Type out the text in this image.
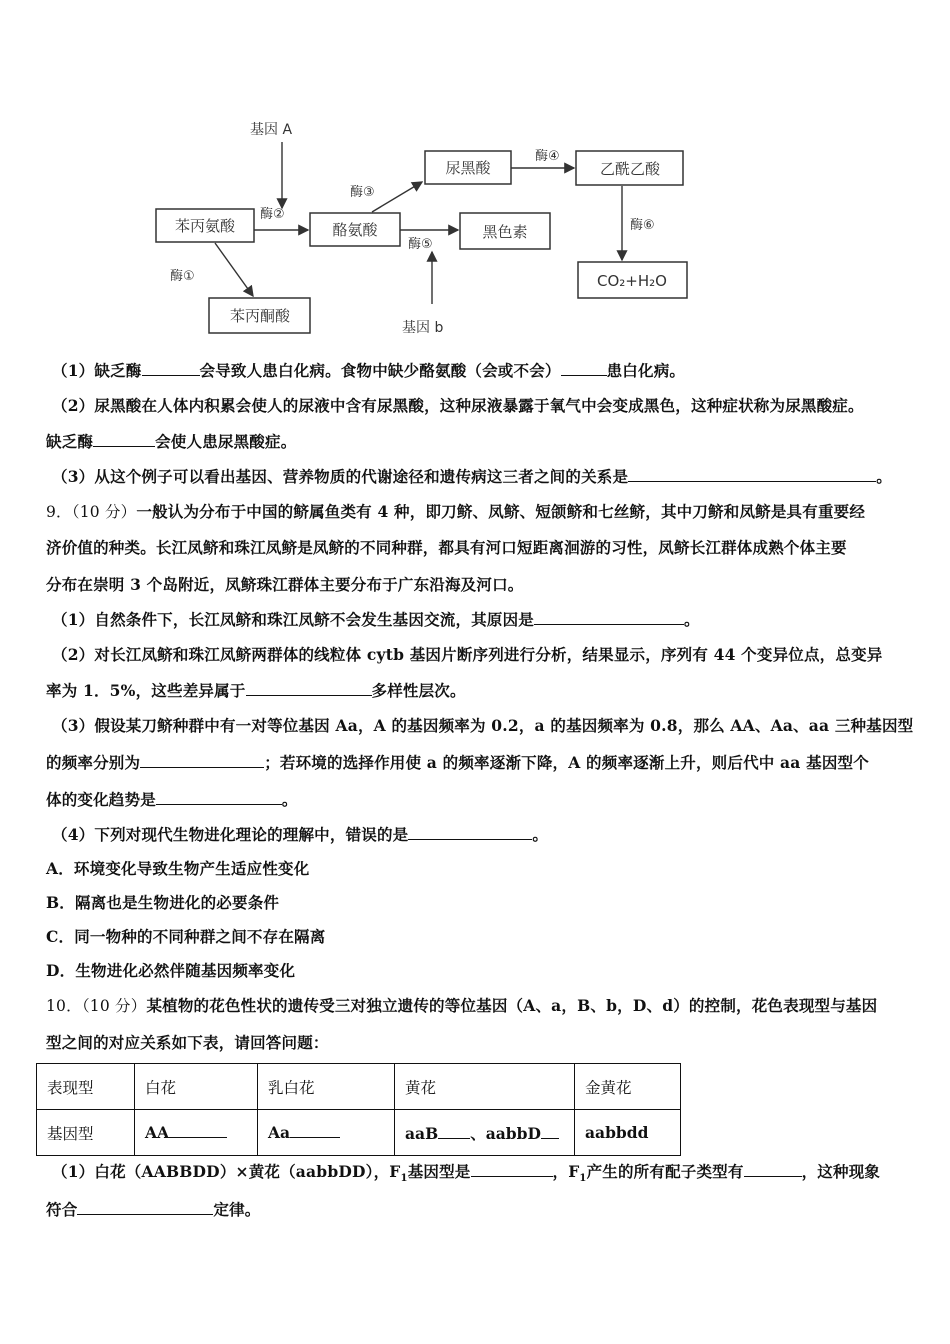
苯丙氨酸	酪氨酸
苯丙酮酸
尿黑酸
黑色素
乙酰乙酸
CO₂+H₂O
基因 A
基因 b
酶①
酶②
酶③
酶④
酶⑤
酶⑥
（1）缺乏酶	会导致人患白化病。食物中缺少酪氨酸（会或不会）	患白化病。
（2）尿黑酸在人体内积累会使人的尿液中含有尿黑酸，这种尿液暴露于氧气中会变成黑色，这种症状称为尿黑酸症。
缺乏酶	会使人患尿黑酸症。
（3）从这个例子可以看出基因、营养物质的代谢途径和遗传病这三者之间的关系是	。
9．（10 分）一般认为分布于中国的鲚属鱼类有 4 种，即刀鲚、凤鲚、短颌鲚和七丝鲚，其中刀鲚和凤鲚是具有重要经
济价值的种类。长江凤鲚和珠江凤鲚是凤鲚的不同种群，都具有河口短距离洄游的习性，凤鲚长江群体成熟个体主要
分布在崇明 3 个岛附近，凤鲚珠江群体主要分布于广东沿海及河口。
（1）自然条件下，长江凤鲚和珠江凤鲚不会发生基因交流，其原因是	。
（2）对长江凤鲚和珠江凤鲚两群体的线粒体 cytb 基因片断序列进行分析，结果显示，序列有 44 个变异位点，总变异
率为 1．5%，这些差异属于	多样性层次。
（3）假设某刀鲚种群中有一对等位基因 Aa，A 的基因频率为 0.2，a 的基因频率为 0.8，那么 AA、Aa、aa 三种基因型
的频率分别为	；若环境的选择作用使 a 的频率逐渐下降，A 的频率逐渐上升，则后代中 aa 基因型个
体的变化趋势是	。
（4）下列对现代生物进化理论的理解中，错误的是	。
A．环境变化导致生物产生适应性变化
B．隔离也是生物进化的必要条件
C．同一物种的不同种群之间不存在隔离
D．生物进化必然伴随基因频率变化
10．（10 分）某植物的花色性状的遗传受三对独立遗传的等位基因（A、a，B、b，D、d）的控制，花色表现型与基因
型之间的对应关系如下表，请回答问题：
表现型	白花	乳白花	黄花	金黄花
基因型	AA	Aa	aaB 、aabbD	aabbdd
（1）白花（AABBDD）×黄花（aabbDD），$F_1$基因型是	，$F_1$产生的所有配子类型有	，这种现象
符合	定律。
